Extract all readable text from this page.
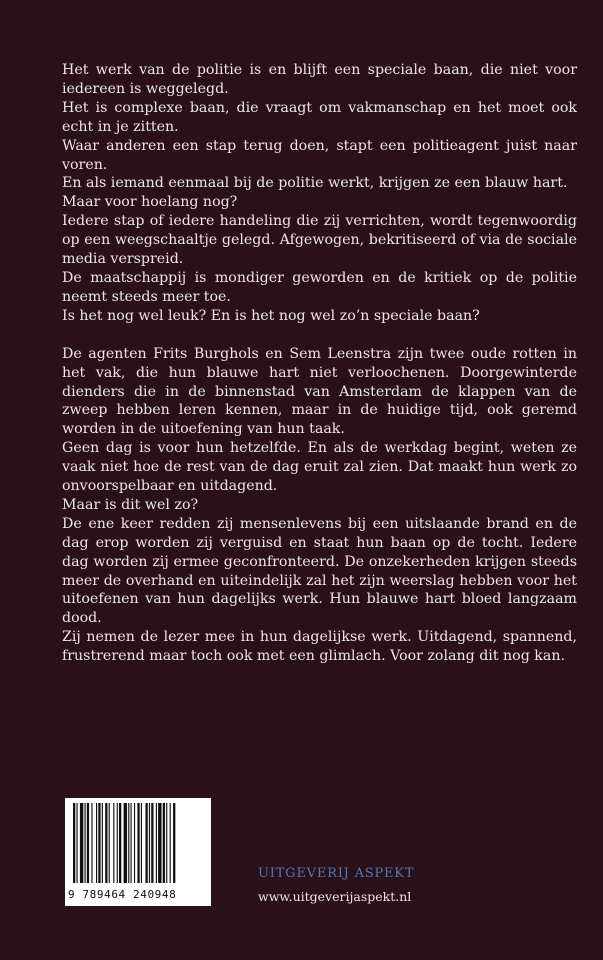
Het werk van de politie is en blijft een speciale baan, die niet voor iedereen is weggelegd.

Het is complexe baan, die vraagt om vakmanschap en het moet ook echt in je zitten.

Waar anderen een stap terug doen, stapt een politieagent juist naar voren.

En als iemand eenmaal bij de politie werkt, krijgen ze een blauw hart.

Maar voor hoelang nog?

Iedere stap of iedere handeling die zij verrichten, wordt tegenwoordig op een weegschaaltje gelegd. Afgewogen, bekritiseerd of via de sociale media verspreid.

De maatschappij is mondiger geworden en de kritiek op de politie neemt steeds meer toe.

Is het nog wel leuk? En is het nog wel zo’n speciale baan?

De agenten Frits Burghols en Sem Leenstra zijn twee oude rotten in het vak, die hun blauwe hart niet verloochenen. Doorgewinterde dienders die in de binnenstad van Amsterdam de klappen van de zweep hebben leren kennen, maar in de huidige tijd, ook geremd worden in de uitoefening van hun taak.

Geen dag is voor hun hetzelfde. En als de werkdag begint, weten ze vaak niet hoe de rest van de dag eruit zal zien. Dat maakt hun werk zo onvoorspelbaar en uitdagend.

Maar is dit wel zo?

De ene keer redden zij mensenlevens bij een uitslaande brand en de dag erop worden zij verguisd en staat hun baan op de tocht. Iedere dag worden zij ermee geconfronteerd. De onzekerheden krijgen steeds meer de overhand en uiteindelijk zal het zijn weerslag hebben voor het uitoefenen van hun dagelijks werk. Hun blauwe hart bloed langzaam dood.

Zij nemen de lezer mee in hun dagelijkse werk. Uitdagend, spannend, frustrerend maar toch ook met een glimlach. Voor zolang dit nog kan.

9 789464 240948
UITGEVERIJ ASPEKT
www.uitgeverijaspekt.nl
